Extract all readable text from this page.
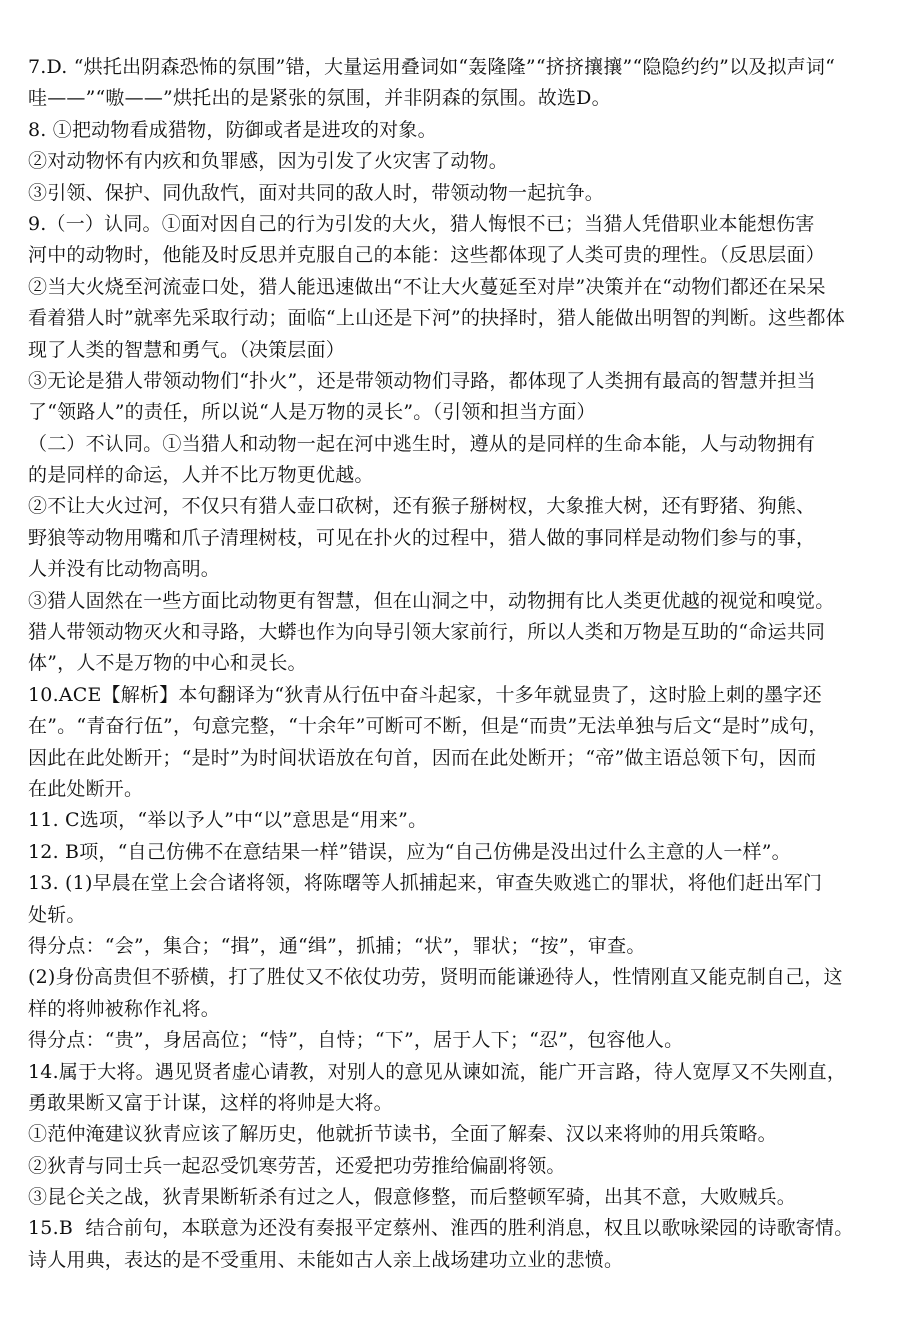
7.D. “烘托出阴森恐怖的氛围”错，大量运用叠词如“轰隆隆”“挤挤攘攘”“隐隐约约”以及拟声词“
哇——”“嗷——”烘托出的是紧张的氛围，并非阴森的氛围。故选D。
8. ①把动物看成猎物，防御或者是进攻的对象。
②对动物怀有内疚和负罪感，因为引发了火灾害了动物。
③引领、保护、同仇敌忾，面对共同的敌人时，带领动物一起抗争。
9.（一）认同。①面对因自己的行为引发的大火，猎人悔恨不已；当猎人凭借职业本能想伤害
河中的动物时，他能及时反思并克服自己的本能：这些都体现了人类可贵的理性。（反思层面）
②当大火烧至河流壶口处，猎人能迅速做出“不让大火蔓延至对岸”决策并在“动物们都还在呆呆
看着猎人时”就率先采取行动；面临“上山还是下河”的抉择时，猎人能做出明智的判断。这些都体
现了人类的智慧和勇气。（决策层面）
③无论是猎人带领动物们“扑火”，还是带领动物们寻路，都体现了人类拥有最高的智慧并担当
了“领路人”的责任，所以说“人是万物的灵长”。（引领和担当方面）
（二）不认同。①当猎人和动物一起在河中逃生时，遵从的是同样的生命本能，人与动物拥有
的是同样的命运，人并不比万物更优越。
②不让大火过河，不仅只有猎人壶口砍树，还有猴子掰树杈，大象推大树，还有野猪、狗熊、
野狼等动物用嘴和爪子清理树枝，可见在扑火的过程中，猎人做的事同样是动物们参与的事，
人并没有比动物高明。
③猎人固然在一些方面比动物更有智慧，但在山洞之中，动物拥有比人类更优越的视觉和嗅觉。
猎人带领动物灭火和寻路，大蟒也作为向导引领大家前行，所以人类和万物是互助的“命运共同
体”，人不是万物的中心和灵长。
10.ACE【解析】本句翻译为“狄青从行伍中奋斗起家，十多年就显贵了，这时脸上刺的墨字还
在”。“青奋行伍”，句意完整，“十余年”可断可不断，但是“而贵”无法单独与后文“是时”成句，
因此在此处断开；“是时”为时间状语放在句首，因而在此处断开；“帝”做主语总领下句，因而
在此处断开。
11. C选项，“举以予人”中“以”意思是“用来”。
12. B项，“自己仿佛不在意结果一样”错误，应为“自己仿佛是没出过什么主意的人一样”。
13. (1)早晨在堂上会合诸将领，将陈曙等人抓捕起来，审查失败逃亡的罪状，将他们赶出军门
处斩。
得分点：“会”，集合；“揖”，通“缉”，抓捕；“状”，罪状；“按”，审查。
(2)身份高贵但不骄横，打了胜仗又不依仗功劳，贤明而能谦逊待人，性情刚直又能克制自己，这
样的将帅被称作礼将。
得分点：“贵”，身居高位；“恃”，自恃；“下”，居于人下；“忍”，包容他人。
14.属于大将。遇见贤者虚心请教，对别人的意见从谏如流，能广开言路，待人宽厚又不失刚直，
勇敢果断又富于计谋，这样的将帅是大将。
①范仲淹建议狄青应该了解历史，他就折节读书，全面了解秦、汉以来将帅的用兵策略。
②狄青与同士兵一起忍受饥寒劳苦，还爱把功劳推给偏副将领。
③昆仑关之战，狄青果断斩杀有过之人，假意修整，而后整顿军骑，出其不意，大败贼兵。
15.B  结合前句，本联意为还没有奏报平定蔡州、淮西的胜利消息，权且以歌咏梁园的诗歌寄情。
诗人用典，表达的是不受重用、未能如古人亲上战场建功立业的悲愤。
